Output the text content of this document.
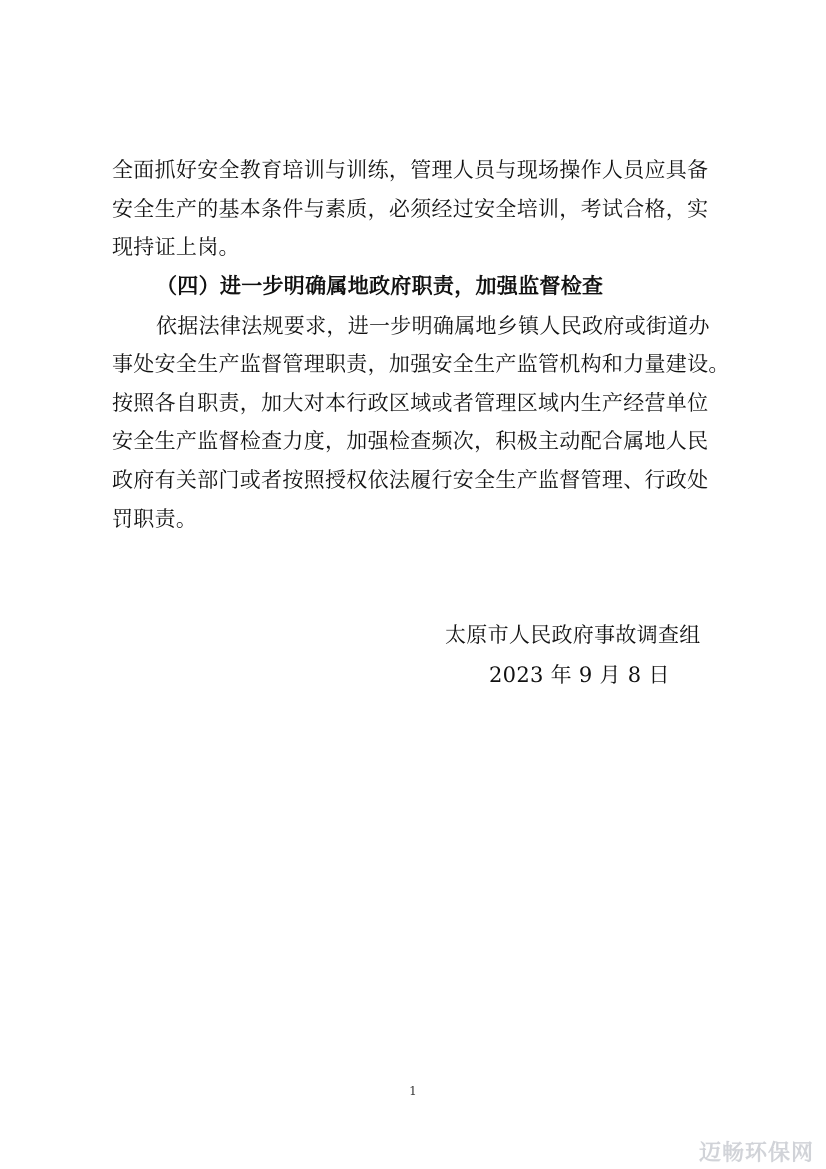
全面抓好安全教育培训与训练，管理人员与现场操作人员应具备
安全生产的基本条件与素质，必须经过安全培训，考试合格，实
现持证上岗。
（四）进一步明确属地政府职责，加强监督检查
依据法律法规要求，进一步明确属地乡镇人民政府或街道办
事处安全生产监督管理职责，加强安全生产监管机构和力量建设。
按照各自职责，加大对本行政区域或者管理区域内生产经营单位
安全生产监督检查力度，加强检查频次，积极主动配合属地人民
政府有关部门或者按照授权依法履行安全生产监督管理、行政处
罚职责。
太原市人民政府事故调查组
2023 年 9 月 8 日
1
迈畅环保网
